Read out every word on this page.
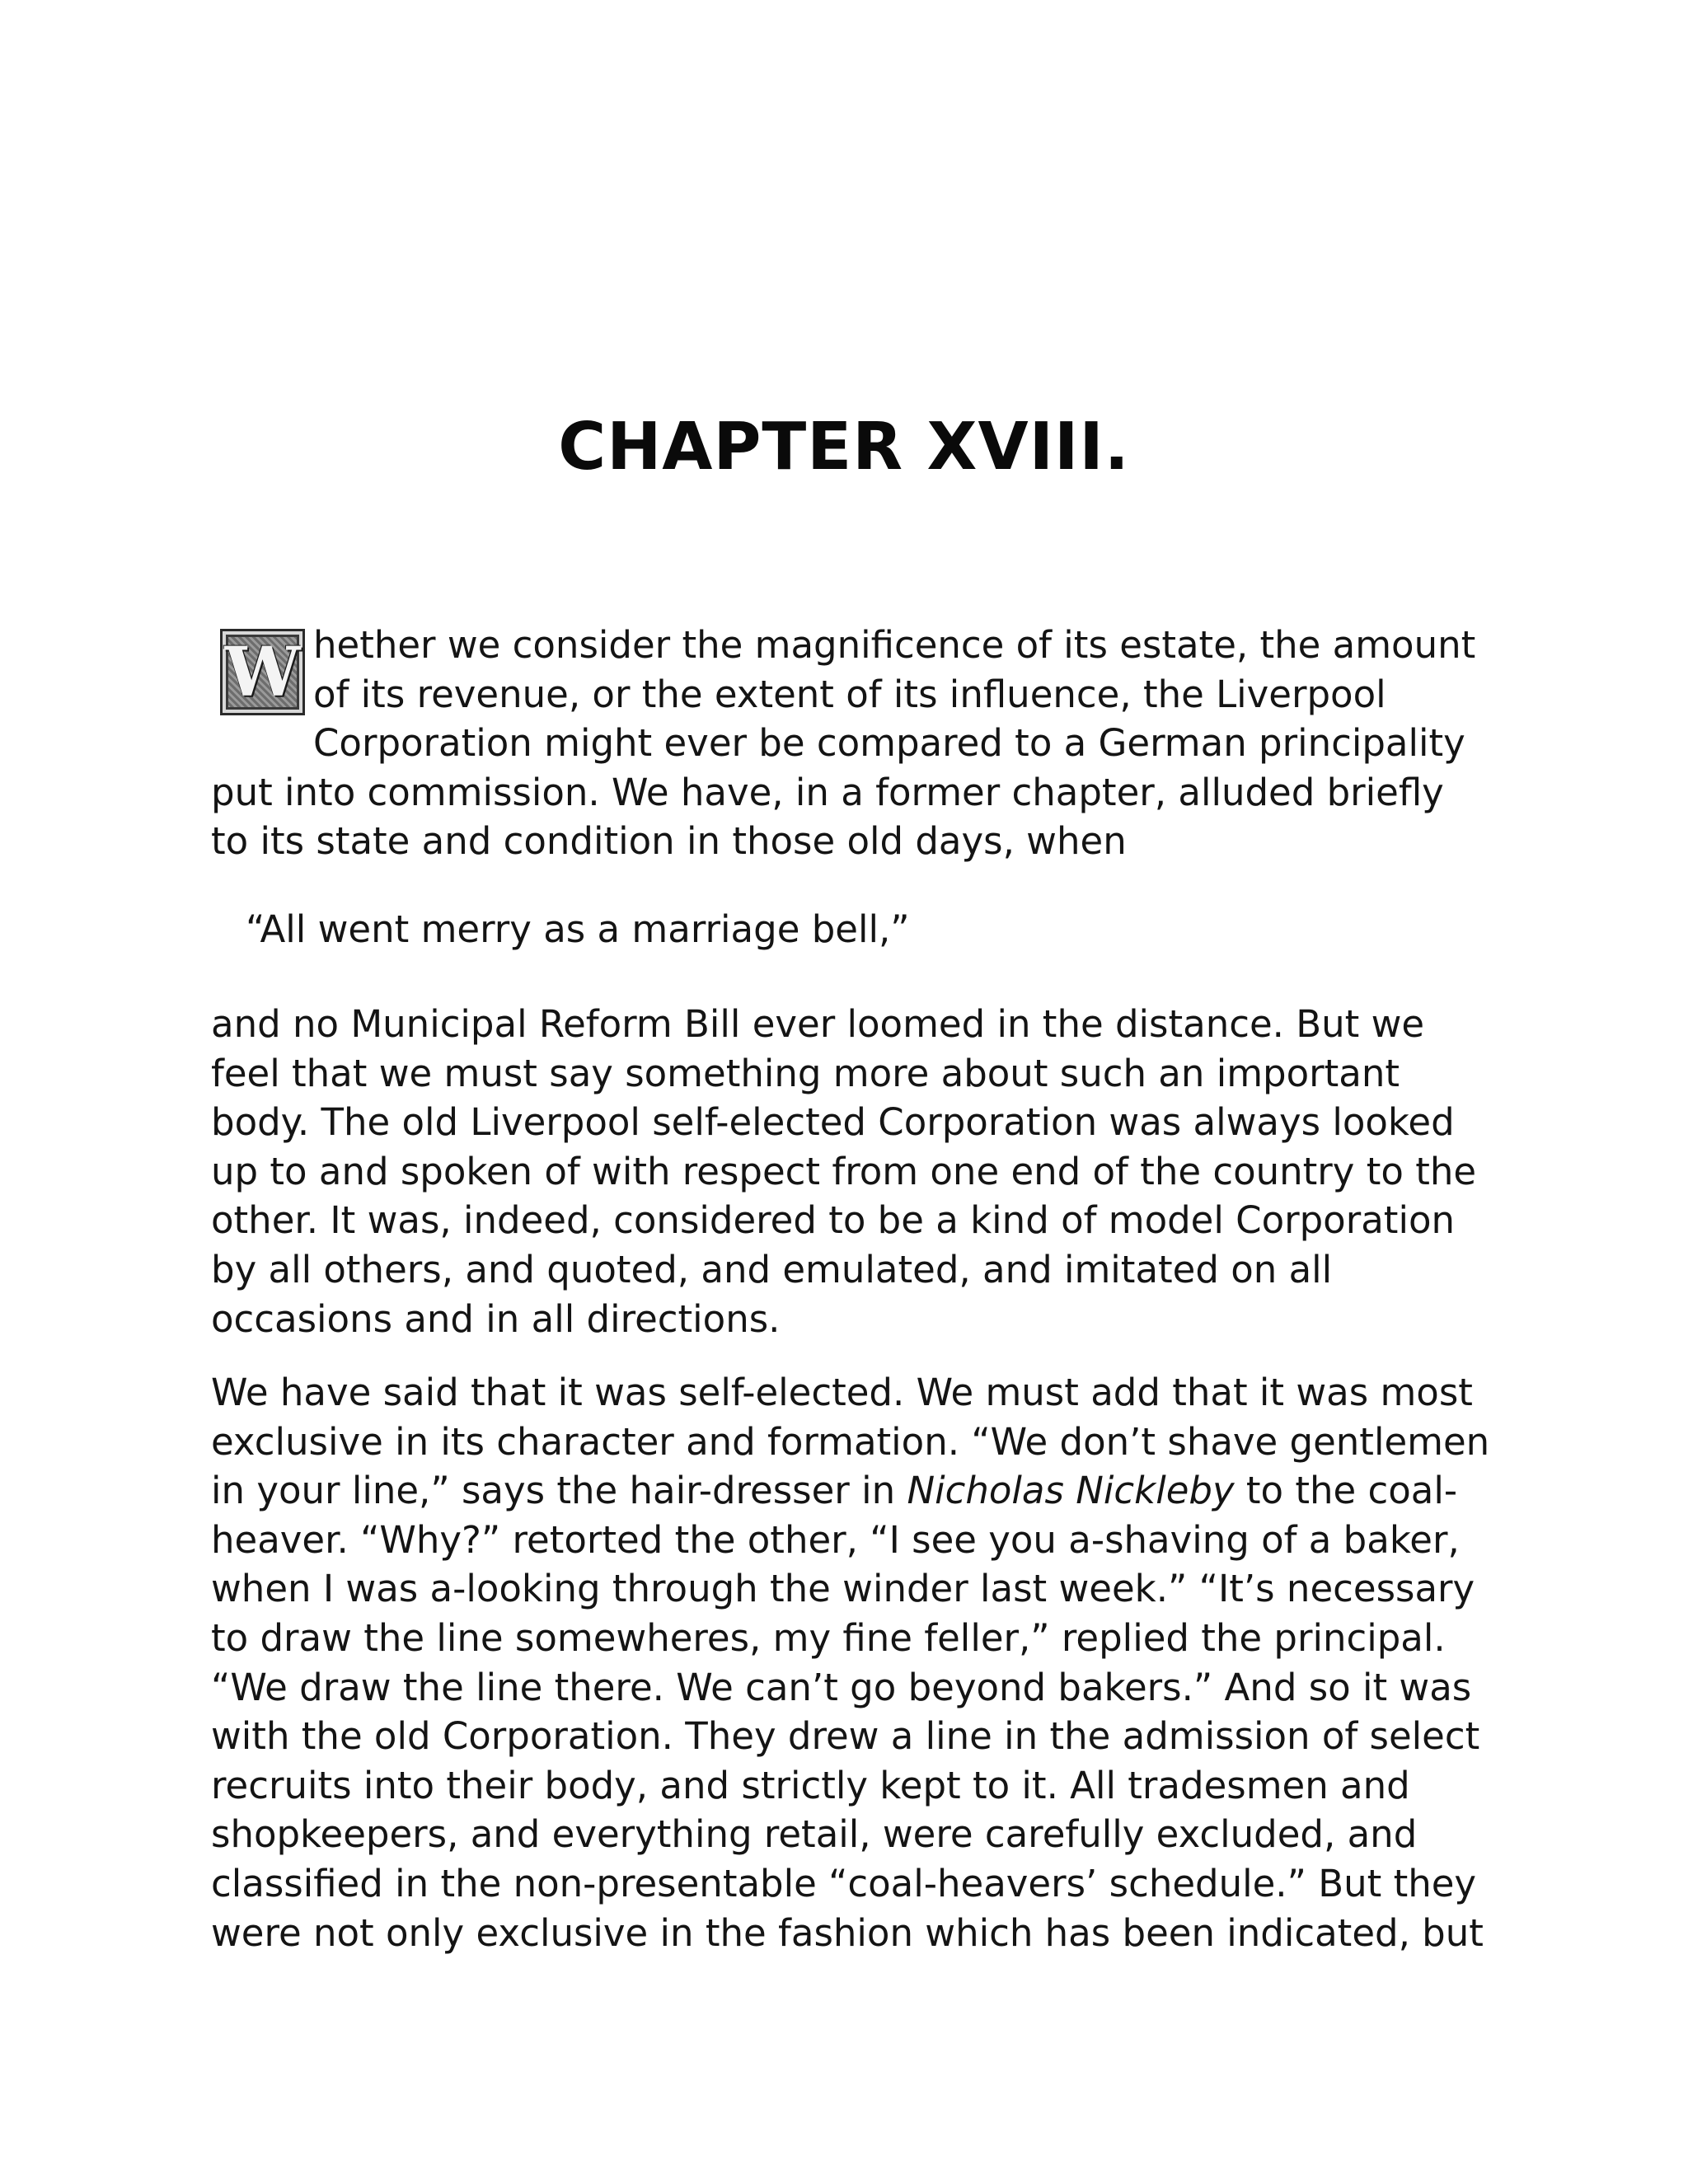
CHAPTER XVIII.
W hether we consider the magnificence of its estate, the amount
of its revenue, or the extent of its influence, the Liverpool
Corporation might ever be compared to a German principality
put into commission. We have, in a former chapter, alluded briefly
to its state and condition in those old days, when
“All went merry as a marriage bell,”
and no Municipal Reform Bill ever loomed in the distance. But we
feel that we must say something more about such an important
body. The old Liverpool self-elected Corporation was always looked
up to and spoken of with respect from one end of the country to the
other. It was, indeed, considered to be a kind of model Corporation
by all others, and quoted, and emulated, and imitated on all
occasions and in all directions.
We have said that it was self-elected. We must add that it was most
exclusive in its character and formation. “We don’t shave gentlemen
in your line,” says the hair-dresser in Nicholas Nickleby to the coal-
heaver. “Why?” retorted the other, “I see you a-shaving of a baker,
when I was a-looking through the winder last week.” “It’s necessary
to draw the line somewheres, my fine feller,” replied the principal.
“We draw the line there. We can’t go beyond bakers.” And so it was
with the old Corporation. They drew a line in the admission of select
recruits into their body, and strictly kept to it. All tradesmen and
shopkeepers, and everything retail, were carefully excluded, and
classified in the non-presentable “coal-heavers’ schedule.” But they
were not only exclusive in the fashion which has been indicated, but
